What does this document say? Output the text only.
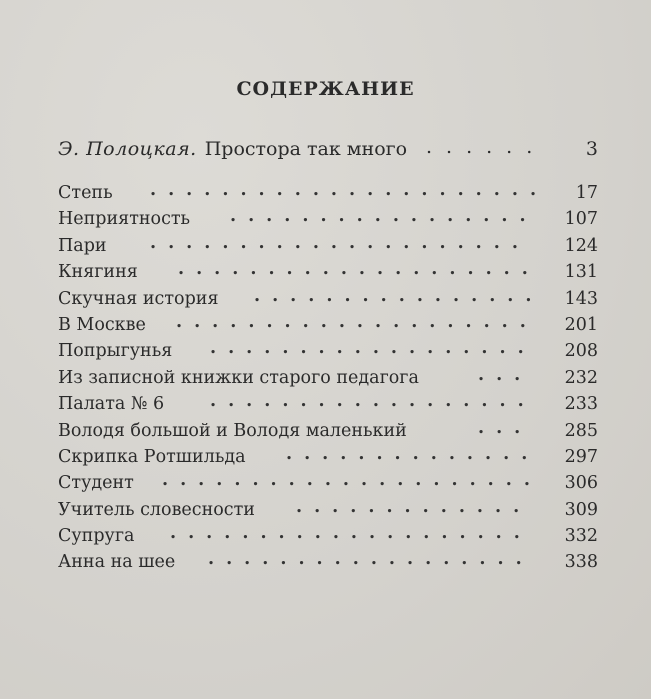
СОДЕРЖАНИЕ
Э. Полоцкая. Простора так много ...... 3
Степь ...................... 17
Неприятность ................. 107
Пари ..................... 124
Княгиня .................... 131
Скучная история ................ 143
В Москве .................... 201
Попрыгунья .................. 208
Из записной книжки старого педагога	... 232
Палата № 6	.................. 233
Володя большой и Володя маленький	... 285
Скрипка Ротшильда .............. 297
Студент ..................... 306
Учитель словесности ............. 309
Супруга .................... 332
Анна на шее .................. 338
